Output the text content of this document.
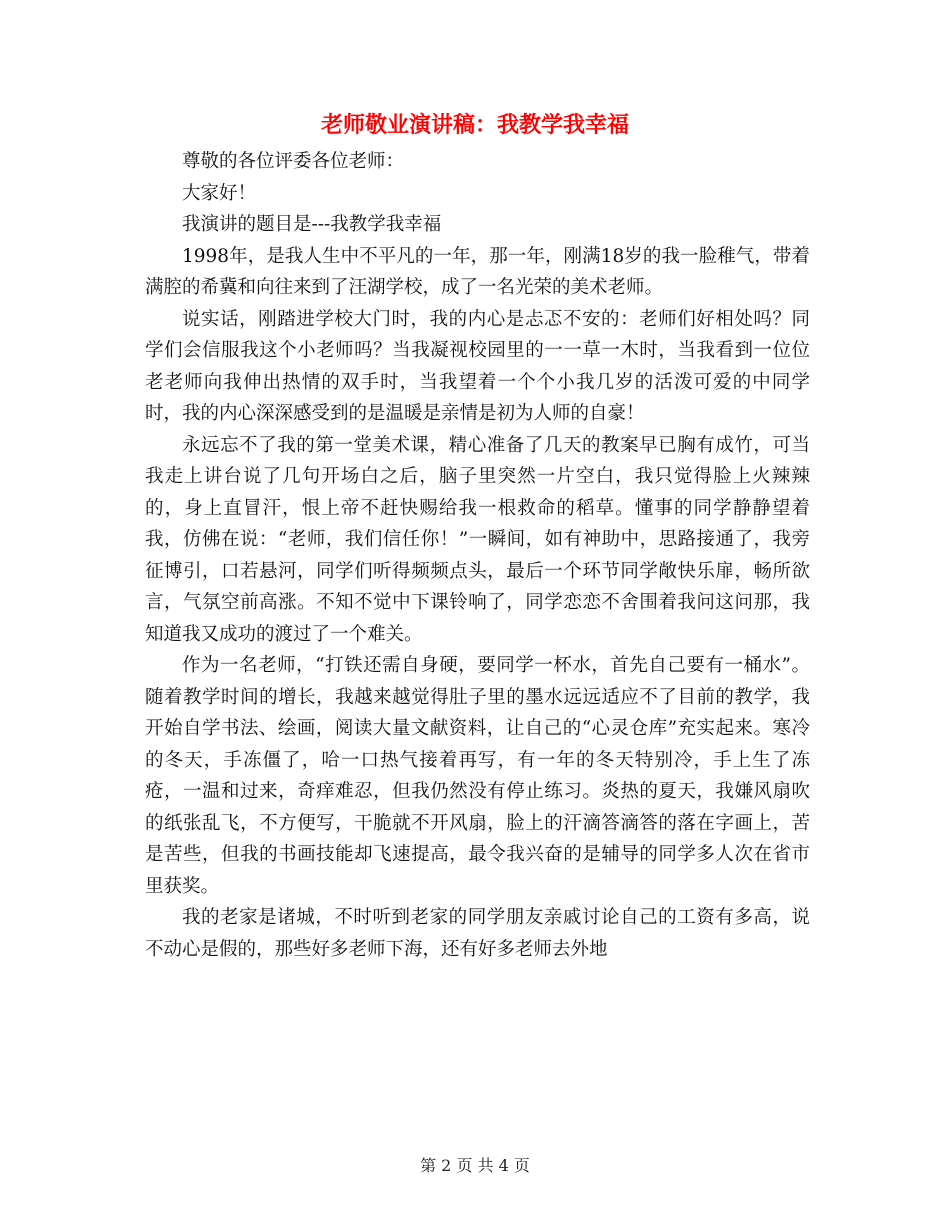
老师敬业演讲稿：我教学我幸福

尊敬的各位评委各位老师：

大家好！

我演讲的题目是---我教学我幸福

1998年，是我人生中不平凡的一年，那一年，刚满18岁的我一脸稚气，带着满腔的希冀和向往来到了汪湖学校，成了一名光荣的美术老师。

说实话，刚踏进学校大门时，我的内心是忐忑不安的：老师们好相处吗？同学们会信服我这个小老师吗？当我凝视校园里的一一草一木时，当我看到一位位老老师向我伸出热情的双手时，当我望着一个个小我几岁的活泼可爱的中同学时，我的内心深深感受到的是温暖是亲情是初为人师的自豪！

永远忘不了我的第一堂美术课，精心准备了几天的教案早已胸有成竹，可当我走上讲台说了几句开场白之后，脑子里突然一片空白，我只觉得脸上火辣辣的，身上直冒汗，恨上帝不赶快赐给我一根救命的稻草。懂事的同学静静望着我，仿佛在说：“老师，我们信任你！”一瞬间，如有神助中，思路接通了，我旁征博引，口若悬河，同学们听得频频点头，最后一个环节同学敞快乐扉，畅所欲言，气氛空前高涨。不知不觉中下课铃响了，同学恋恋不舍围着我问这问那，我知道我又成功的渡过了一个难关。

作为一名老师，“打铁还需自身硬，要同学一杯水，首先自己要有一桶水”。随着教学时间的增长，我越来越觉得肚子里的墨水远远适应不了目前的教学，我开始自学书法、绘画，阅读大量文献资料，让自己的“心灵仓库”充实起来。寒冷的冬天，手冻僵了，哈一口热气接着再写，有一年的冬天特别冷，手上生了冻疮，一温和过来，奇痒难忍，但我仍然没有停止练习。炎热的夏天，我嫌风扇吹的纸张乱飞，不方便写，干脆就不开风扇，脸上的汗滴答滴答的落在字画上，苦是苦些，但我的书画技能却飞速提高，最令我兴奋的是辅导的同学多人次在省市里获奖。

我的老家是诸城，不时听到老家的同学朋友亲戚讨论自己的工资有多高，说不动心是假的，那些好多老师下海，还有好多老师去外地

第 2 页 共 4 页
